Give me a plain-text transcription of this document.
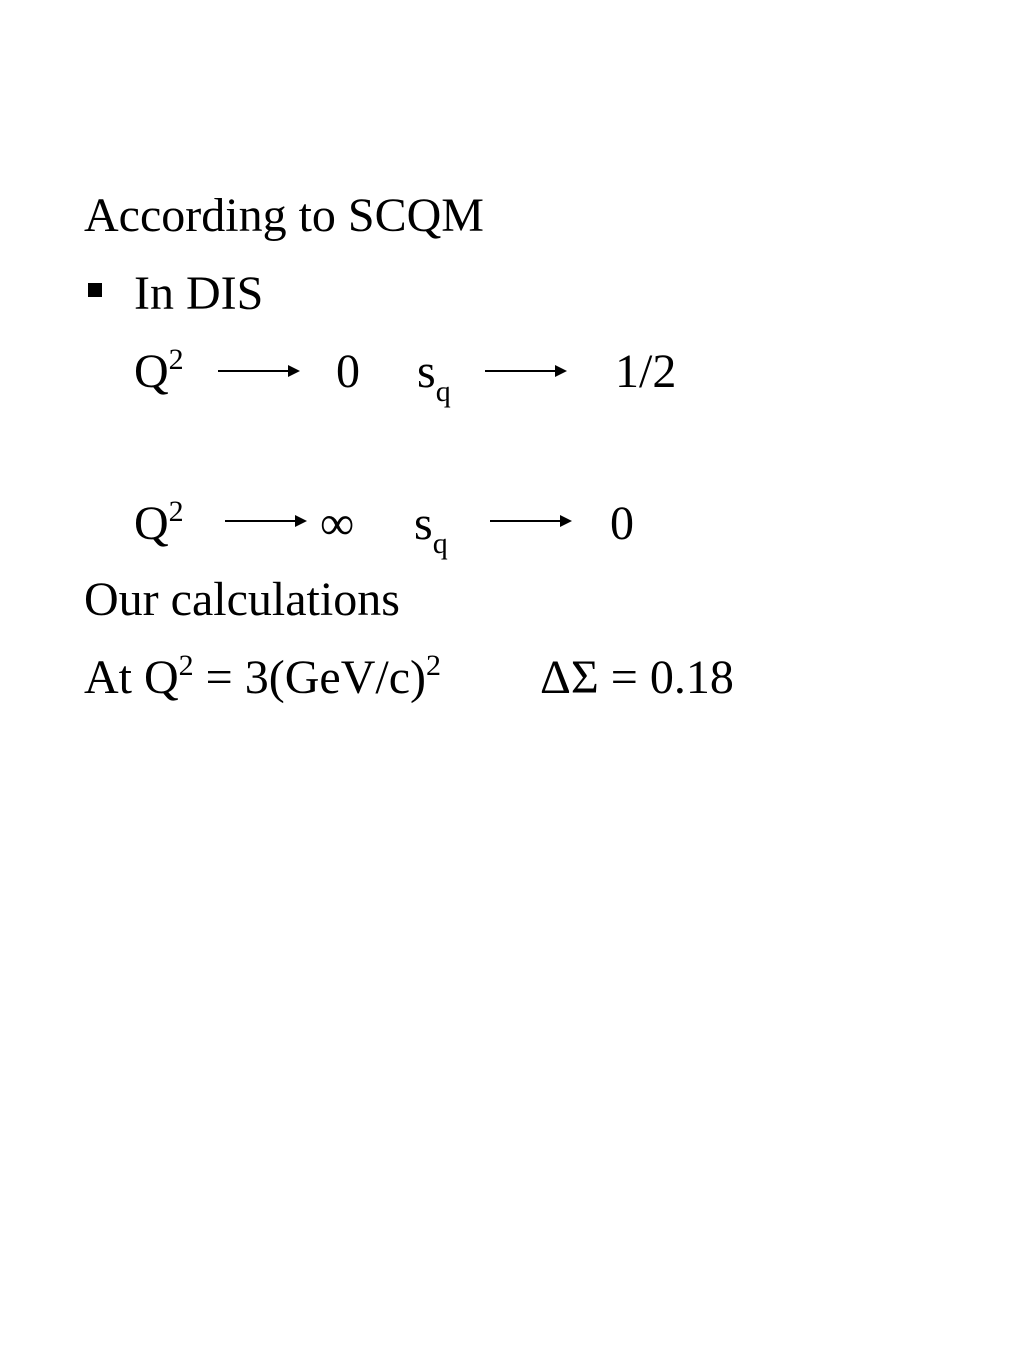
According to SCQM
In DIS
$Q^2$	0 $s_q$	1/2
$Q^2$	∞ $s_q$	0
Our calculations
At $Q^2 = 3(GeV/c)^2$ ΔΣ = 0.18
